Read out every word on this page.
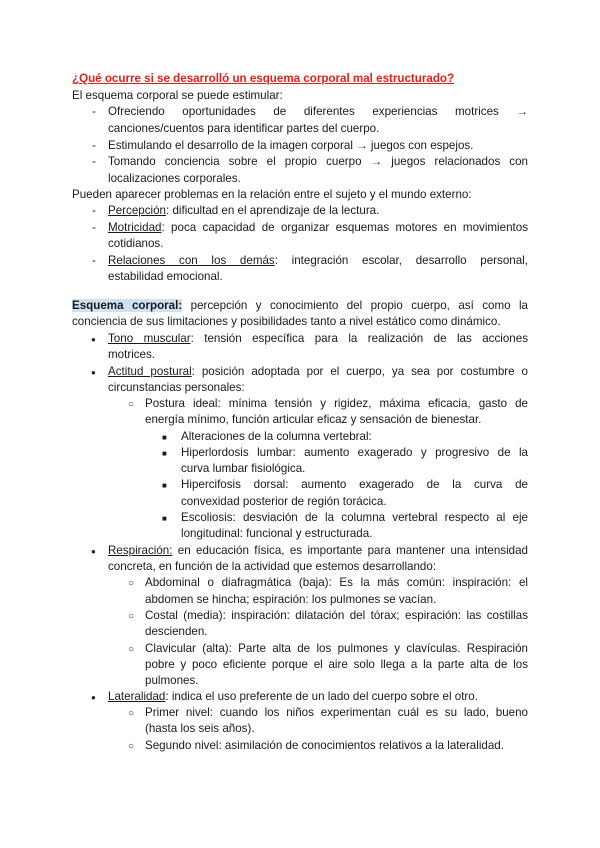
¿Qué ocurre si se desarrolló un esquema corporal mal estructurado?
El esquema corporal se puede estimular:
- Ofreciendo oportunidades de diferentes experiencias motrices →
canciones/cuentos para identificar partes del cuerpo.
- Estimulando el desarrollo de la imagen corporal → juegos con espejos.
- Tomando conciencia sobre el propio cuerpo → juegos relacionados con
localizaciones corporales.
Pueden aparecer problemas en la relación entre el sujeto y el mundo externo:
- Percepción: dificultad en el aprendizaje de la lectura.
- Motricidad: poca capacidad de organizar esquemas motores en movimientos
cotidianos.
- Relaciones con los demás: integración escolar, desarrollo personal,
estabilidad emocional.
Esquema corporal: percepción y conocimiento del propio cuerpo, así como la
conciencia de sus limitaciones y posibilidades tanto a nivel estático como dinámico.
●
Tono muscular: tensión específica para la realización de las acciones
motrices.
●
Actitud postural: posición adoptada por el cuerpo, ya sea por costumbre o
circunstancias personales:
○
Postura ideal: mínima tensión y rigidez, máxima eficacia, gasto de
energía mínimo, función articular eficaz y sensación de bienestar.
■
Alteraciones de la columna vertebral:
■
Hiperlordosis lumbar: aumento exagerado y progresivo de la
curva lumbar fisiológica.
■
Hipercifosis dorsal: aumento exagerado de la curva de
convexidad posterior de región torácica.
■
Escoliosis: desviación de la columna vertebral respecto al eje
longitudinal: funcional y estructurada.
●
Respiración: en educación física, es importante para mantener una intensidad
concreta, en función de la actividad que estemos desarrollando:
○
Abdominal o diafragmática (baja): Es la más común: inspiración: el
abdomen se hincha; espiración: los pulmones se vacían.
○
Costal (media): inspiración: dilatación del tórax; espiración: las costillas
descienden.
○
Clavicular (alta): Parte alta de los pulmones y clavículas. Respiración
pobre y poco eficiente porque el aire solo llega a la parte alta de los
pulmones.
●
Lateralidad: indica el uso preferente de un lado del cuerpo sobre el otro.
○
Primer nivel: cuando los niños experimentan cuál es su lado, bueno
(hasta los seis años).
○
Segundo nivel: asimilación de conocimientos relativos a la lateralidad.
